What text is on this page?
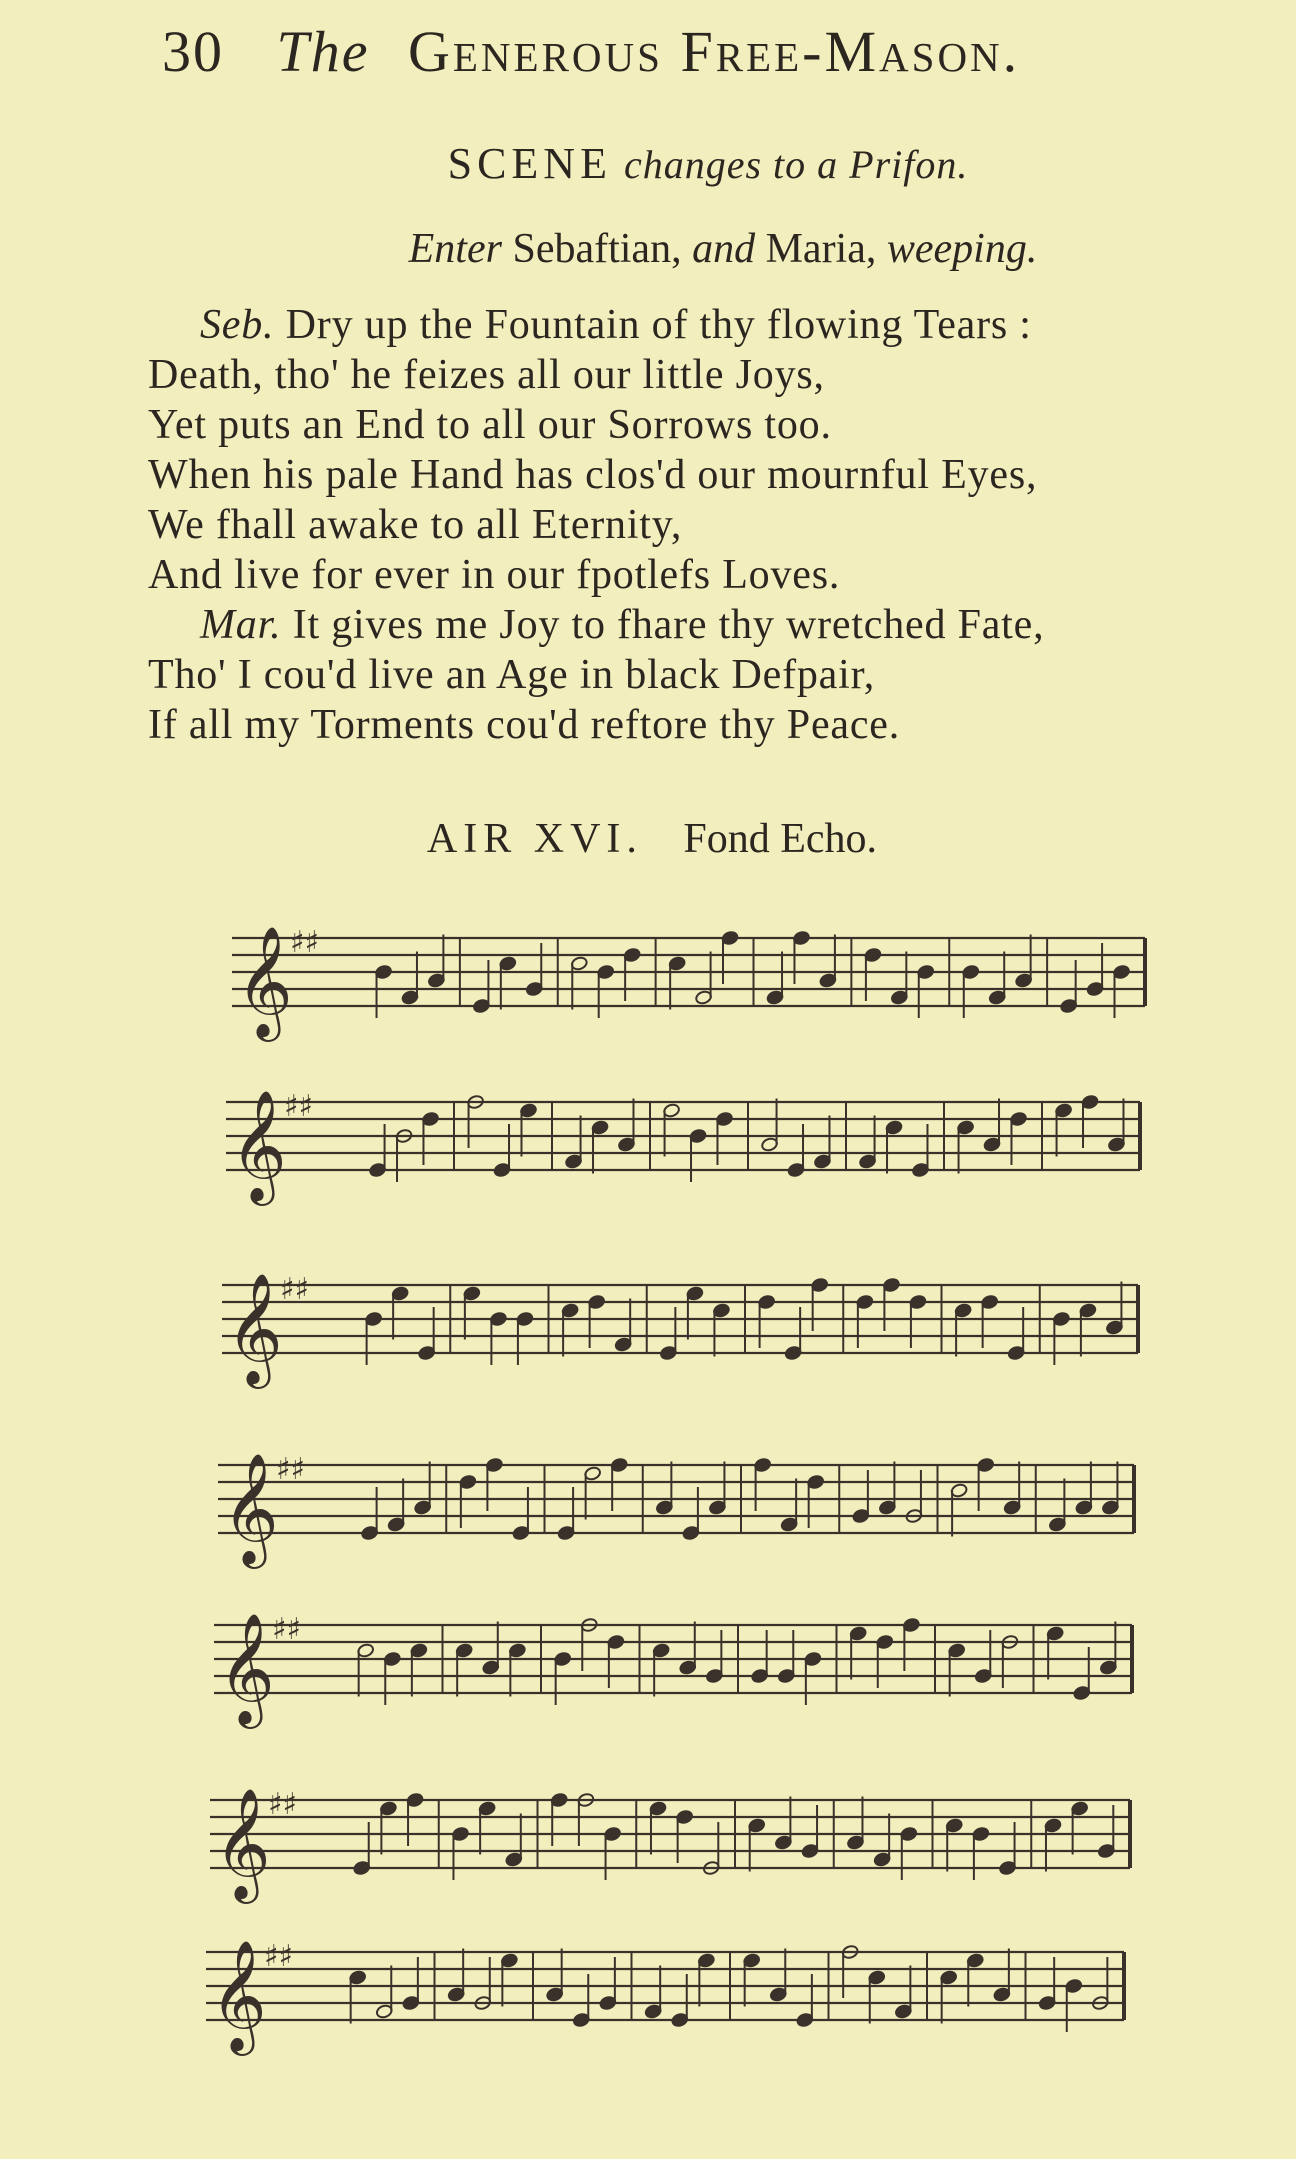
30 The Generous Free-Mason.
SCENE changes to a Prifon.
Enter Sebaftian, and Maria, weeping.
Seb. Dry up the Fountain of thy flowing Tears :
Death, tho' he feizes all our little Joys,
Yet puts an End to all our Sorrows too.
When his pale Hand has clos'd our mournful Eyes,
We fhall awake to all Eternity,
And live for ever in our fpotlefs Loves.
Mar. It gives me Joy to fhare thy wretched Fate,
Tho' I cou'd live an Age in black Defpair,
If all my Torments cou'd reftore thy Peace.
AIR XVI. Fond Echo.
𝄞
♯♯
𝄞
♯♯
𝄞
♯♯
𝄞
♯♯
𝄞
♯♯
𝄞
♯♯
𝄞
♯♯
